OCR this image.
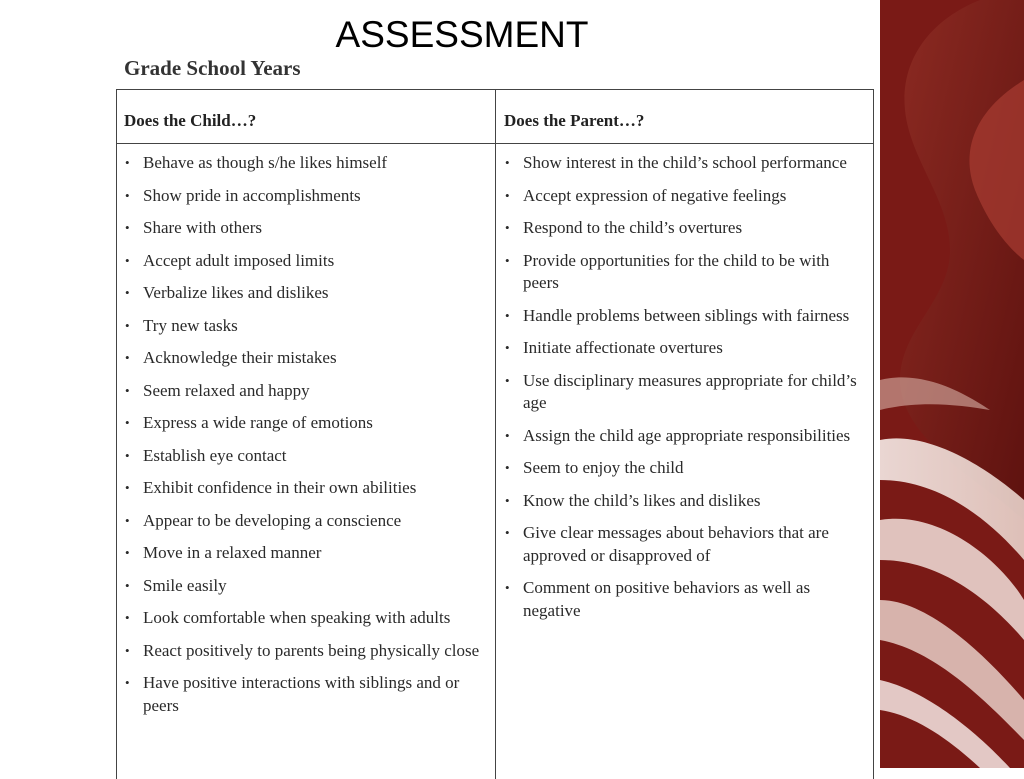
ASSESSMENT
Grade School Years
Does the Child…?	Does the Parent…?
• Behave as though s/he likes himself
• Show pride in accomplishments
• Share with others
• Accept adult imposed limits
• Verbalize likes and dislikes
• Try new tasks
• Acknowledge their mistakes
• Seem relaxed and happy
• Express a wide range of emotions
• Establish eye contact
• Exhibit confidence in their own abilities
• Appear to be developing a conscience
• Move in a relaxed manner
• Smile easily
• Look comfortable when speaking with adults
• React positively to parents being physically close
• Have positive interactions with siblings and or peers
• Show interest in the child’s school performance
• Accept expression of negative feelings
• Respond to the child’s overtures
• Provide opportunities for the child to be with peers
• Handle problems between siblings with fairness
• Initiate affectionate overtures
• Use disciplinary measures appropriate for child’s age
• Assign the child age appropriate responsibilities
• Seem to enjoy the child
• Know the child’s likes and dislikes
• Give clear messages about behaviors that are approved or disapproved of
• Comment on positive behaviors as well as negative
